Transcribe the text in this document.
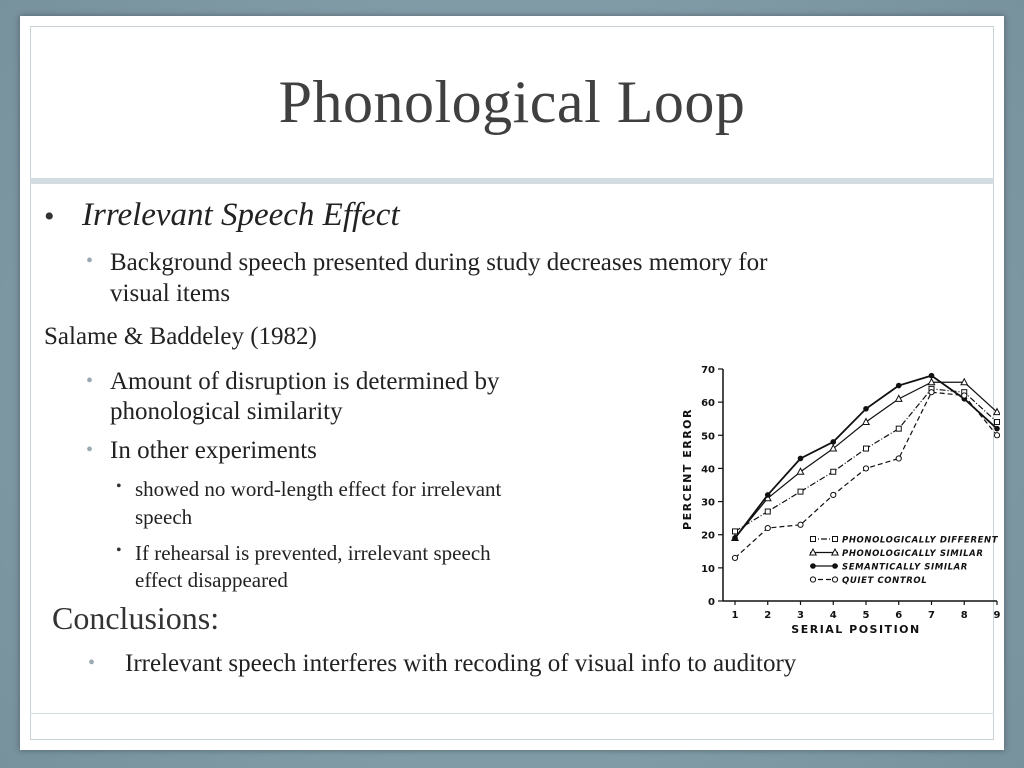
Phonological Loop
• Irrelevant Speech Effect
• Background speech presented during study decreases memory for
visual items
Salame & Baddeley (1982)
• Amount of disruption is determined by
phonological similarity
• In other experiments
• showed no word-length effect for irrelevant
speech
• If rehearsal is prevented, irrelevant speech
effect disappeared
Conclusions:
• Irrelevant speech interferes with recoding of visual info to auditory
0
10
20
30
40
50
60
70
1	2	3	4	5	6	7	8	9
PHONOLOGICALLY DIFFERENT
PHONOLOGICALLY SIMILAR
SEMANTICALLY SIMILAR
QUIET CONTROL
PERCENT ERROR
SERIAL POSITION
